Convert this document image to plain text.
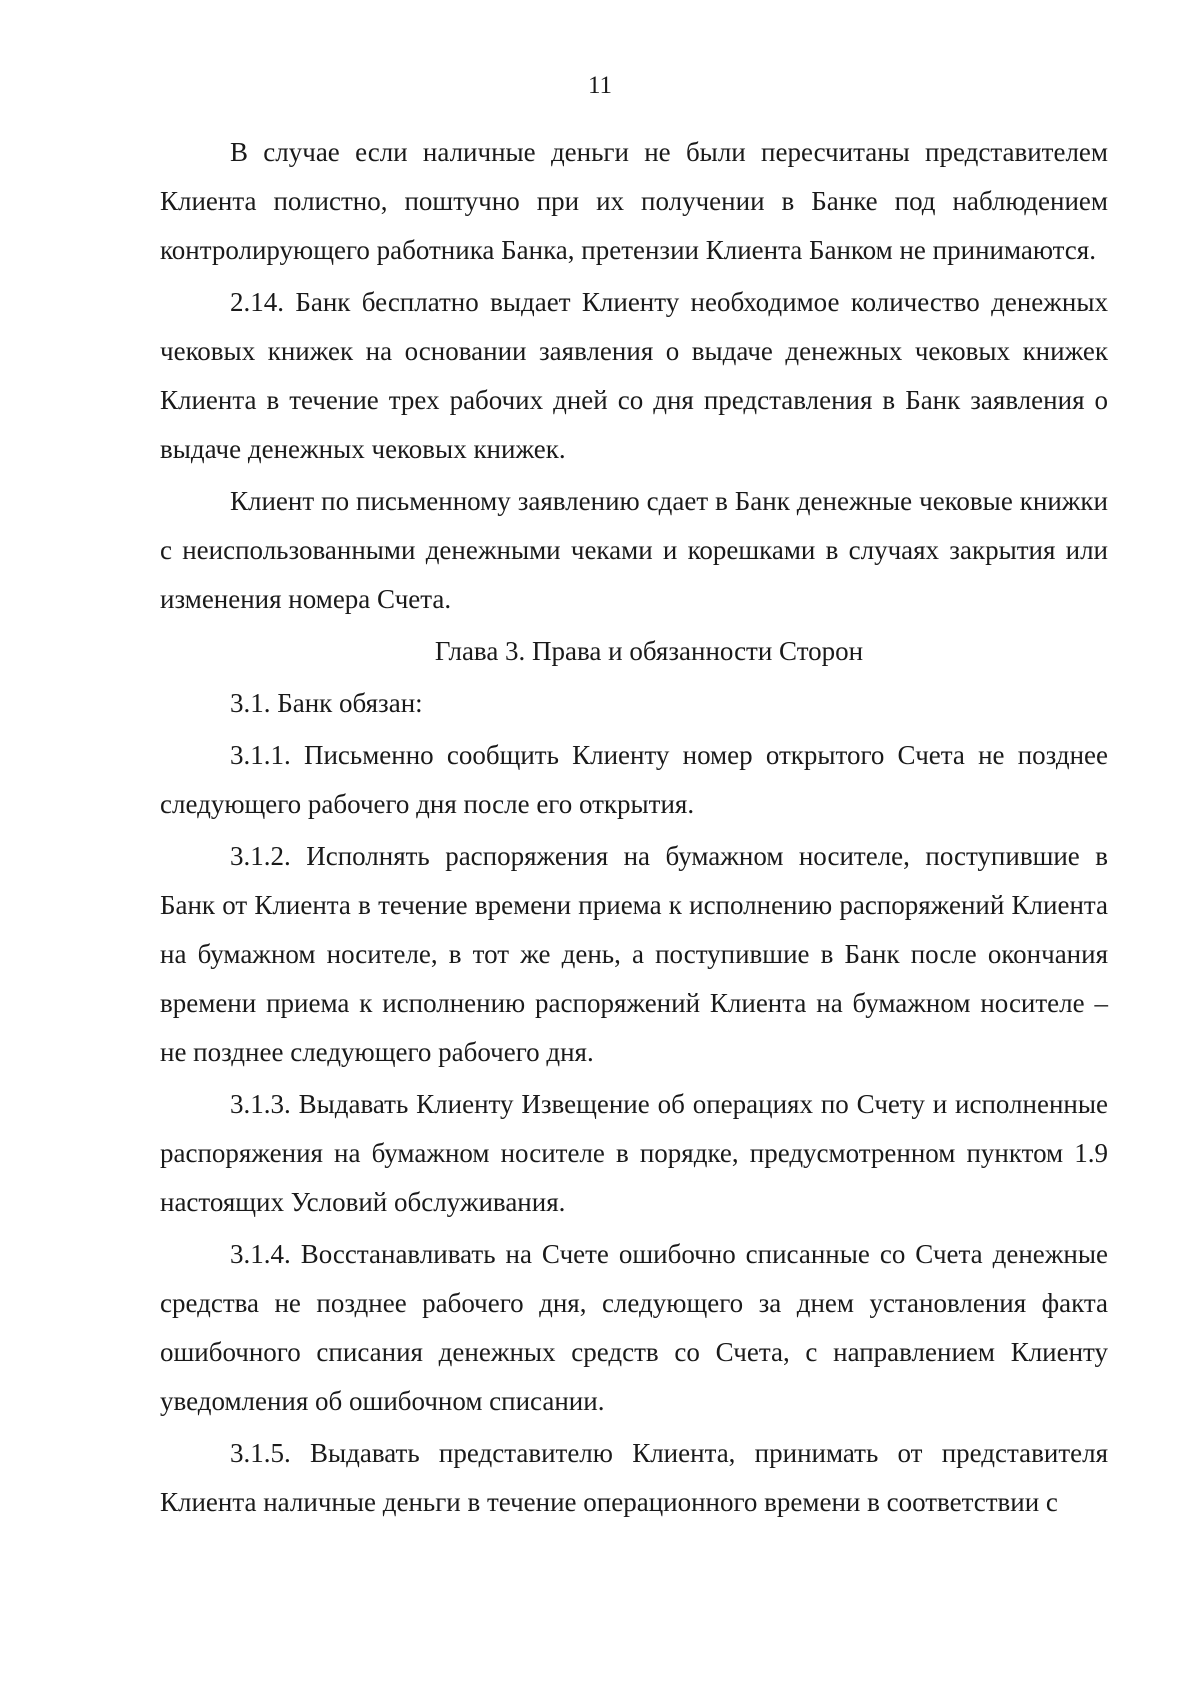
11

В случае если наличные деньги не были пересчитаны представителем Клиента полистно, поштучно при их получении в Банке под наблюдением контролирующего работника Банка, претензии Клиента Банком не принимаются.

2.14. Банк бесплатно выдает Клиенту необходимое количество денежных чековых книжек на основании заявления о выдаче денежных чековых книжек Клиента в течение трех рабочих дней со дня представления в Банк заявления о выдаче денежных чековых книжек.

Клиент по письменному заявлению сдает в Банк денежные чековые книжки с неиспользованными денежными чеками и корешками в случаях закрытия или изменения номера Счета.

Глава 3. Права и обязанности Сторон
3.1. Банк обязан:

3.1.1. Письменно сообщить Клиенту номер открытого Счета не позднее следующего рабочего дня после его открытия.

3.1.2. Исполнять распоряжения на бумажном носителе, поступившие в Банк от Клиента в течение времени приема к исполнению распоряжений Клиента на бумажном носителе, в тот же день, а поступившие в Банк после окончания времени приема к исполнению распоряжений Клиента на бумажном носителе – не позднее следующего рабочего дня.

3.1.3. Выдавать Клиенту Извещение об операциях по Счету и исполненные распоряжения на бумажном носителе в порядке, предусмотренном пунктом 1.9 настоящих Условий обслуживания.

3.1.4. Восстанавливать на Счете ошибочно списанные со Счета денежные средства не позднее рабочего дня, следующего за днем установления факта ошибочного списания денежных средств со Счета, с направлением Клиенту уведомления об ошибочном списании.

3.1.5. Выдавать представителю Клиента, принимать от представителя Клиента наличные деньги в течение операционного времени в соответствии с
